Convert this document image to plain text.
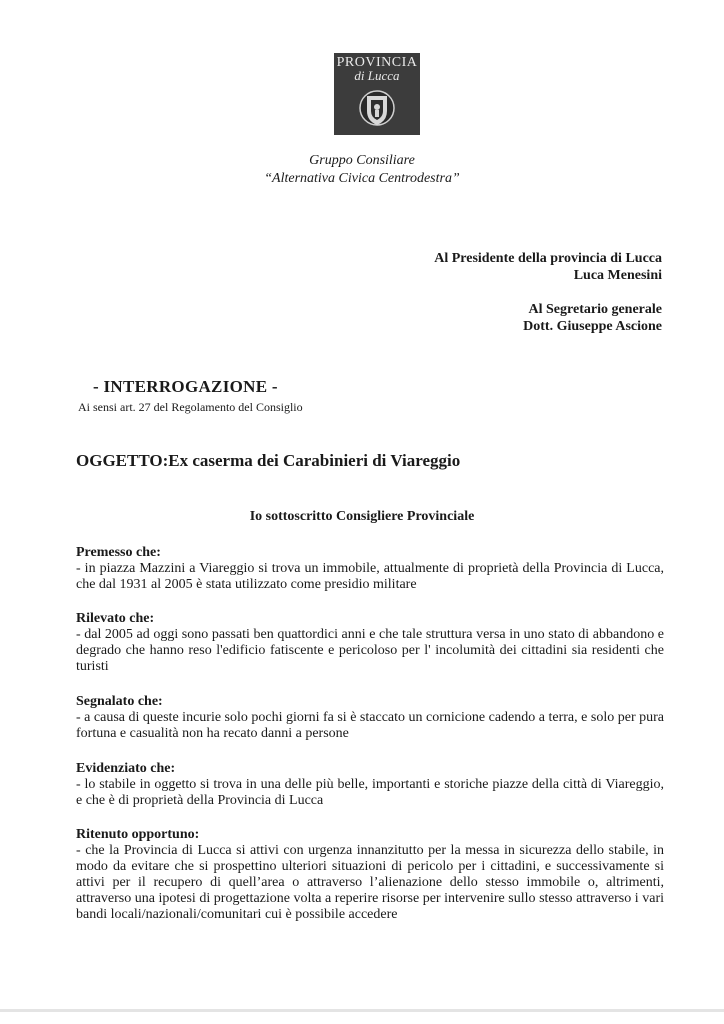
PROVINCIA
di Lucca
Gruppo Consiliare
“Alternativa Civica Centrodestra”
Al Presidente della provincia di Lucca
Luca Menesini
Al Segretario generale
Dott. Giuseppe Ascione
- INTERROGAZIONE -
Ai sensi art. 27 del Regolamento del Consiglio
OGGETTO:Ex caserma dei Carabinieri di Viareggio
Io sottoscritto Consigliere Provinciale
Premesso che:
- in piazza Mazzini a Viareggio si trova un immobile, attualmente di proprietà della Provincia di Lucca, che dal 1931 al 2005 è stata utilizzato come presidio militare
Rilevato che:
- dal 2005 ad oggi sono passati ben quattordici anni e che tale struttura versa in uno stato di abbandono e degrado che hanno reso l'edificio fatiscente e pericoloso per l' incolumità dei cittadini sia residenti che turisti
Segnalato che:
- a causa di queste incurie solo pochi giorni fa si è staccato un cornicione cadendo a terra, e solo per pura fortuna e casualità non ha recato danni a persone
Evidenziato che:
- lo stabile in oggetto si trova in una delle più belle, importanti e storiche piazze della città di Viareggio, e che è di proprietà della Provincia di Lucca
Ritenuto opportuno:
- che la Provincia di Lucca si attivi con urgenza innanzitutto per la messa in sicurezza dello stabile, in modo da evitare che si prospettino ulteriori situazioni di pericolo per i cittadini, e successivamente si attivi per il recupero di quell’area o attraverso l’alienazione dello stesso immobile o, altrimenti, attraverso una ipotesi di progettazione volta a reperire risorse per intervenire sullo stesso attraverso i vari bandi locali/nazionali/comunitari cui è possibile accedere
